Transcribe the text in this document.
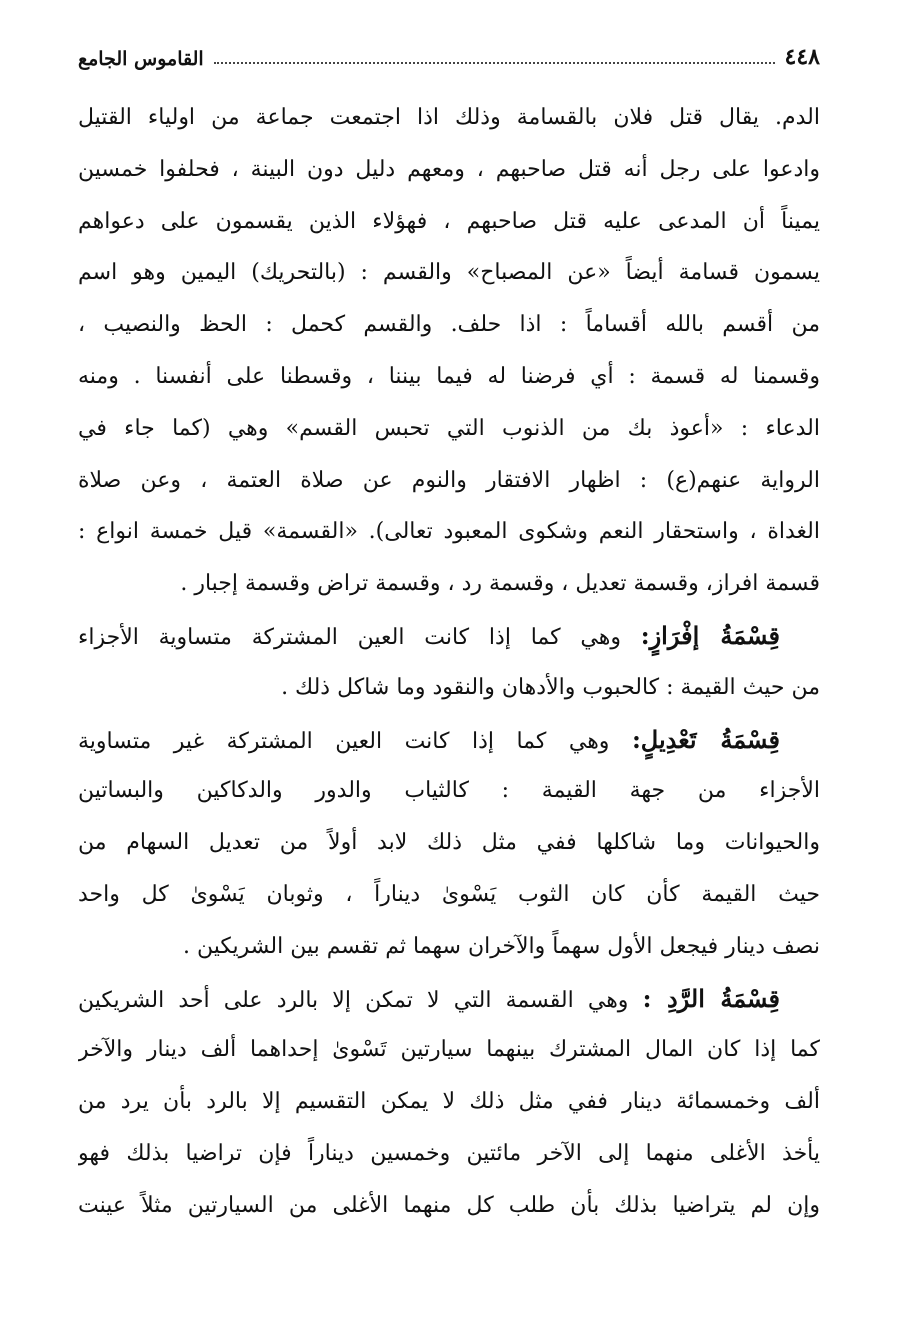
٤٤٨
القاموس الجامع
الدم. يقال قتل فلان بالقسامة وذلك اذا اجتمعت جماعة من اولياء القتيل
وادعوا على رجل أنه قتل صاحبهم ، ومعهم دليل دون البينة ، فحلفوا خمسين
يميناً أن المدعى عليه قتل صاحبهم ، فهؤلاء الذين يقسمون على دعواهم
يسمون قسامة أيضاً «عن المصباح» والقسم : (بالتحريك) اليمين وهو اسم
من أقسم بالله أقساماً : اذا حلف. والقسم كحمل : الحظ والنصيب ،
وقسمنا له قسمة : أي فرضنا له فيما بيننا ، وقسطنا على أنفسنا . ومنه
الدعاء : «أعوذ بك من الذنوب التي تحبس القسم» وهي (كما جاء في
الرواية عنهم(ع) : اظهار الافتقار والنوم عن صلاة العتمة ، وعن صلاة
الغداة ، واستحقار النعم وشكوى المعبود تعالى). «القسمة» قيل خمسة انواع :
قسمة افراز، وقسمة تعديل ، وقسمة رد ، وقسمة تراض وقسمة إجبار .
قِسْمَةُ إفْرَازٍ: وهي كما إذا كانت العين المشتركة متساوية الأجزاء
من حيث القيمة : كالحبوب والأدهان والنقود وما شاكل ذلك .
قِسْمَةُ تَعْدِيلٍ: وهي كما إذا كانت العين المشتركة غير متساوية
الأجزاء من جهة القيمة : كالثياب والدور والدكاكين والبساتين
والحيوانات وما شاكلها ففي مثل ذلك لابد أولاً من تعديل السهام من
حيث القيمة كأن كان الثوب يَسْوىٰ ديناراً ، وثوبان يَسْوىٰ كل واحد
نصف دينار فيجعل الأول سهماً والآخران سهما ثم تقسم بين الشريكين .
قِسْمَةُ الرَّدِ : وهي القسمة التي لا تمكن إلا بالرد على أحد الشريكين
كما إذا كان المال المشترك بينهما سيارتين تَسْوىٰ إحداهما ألف دينار والآخر
ألف وخمسمائة دينار ففي مثل ذلك لا يمكن التقسيم إلا بالرد بأن يرد من
يأخذ الأغلى منهما إلى الآخر مائتين وخمسين ديناراً فإن تراضيا بذلك فهو
وإن لم يتراضيا بذلك بأن طلب كل منهما الأغلى من السيارتين مثلاً عينت
